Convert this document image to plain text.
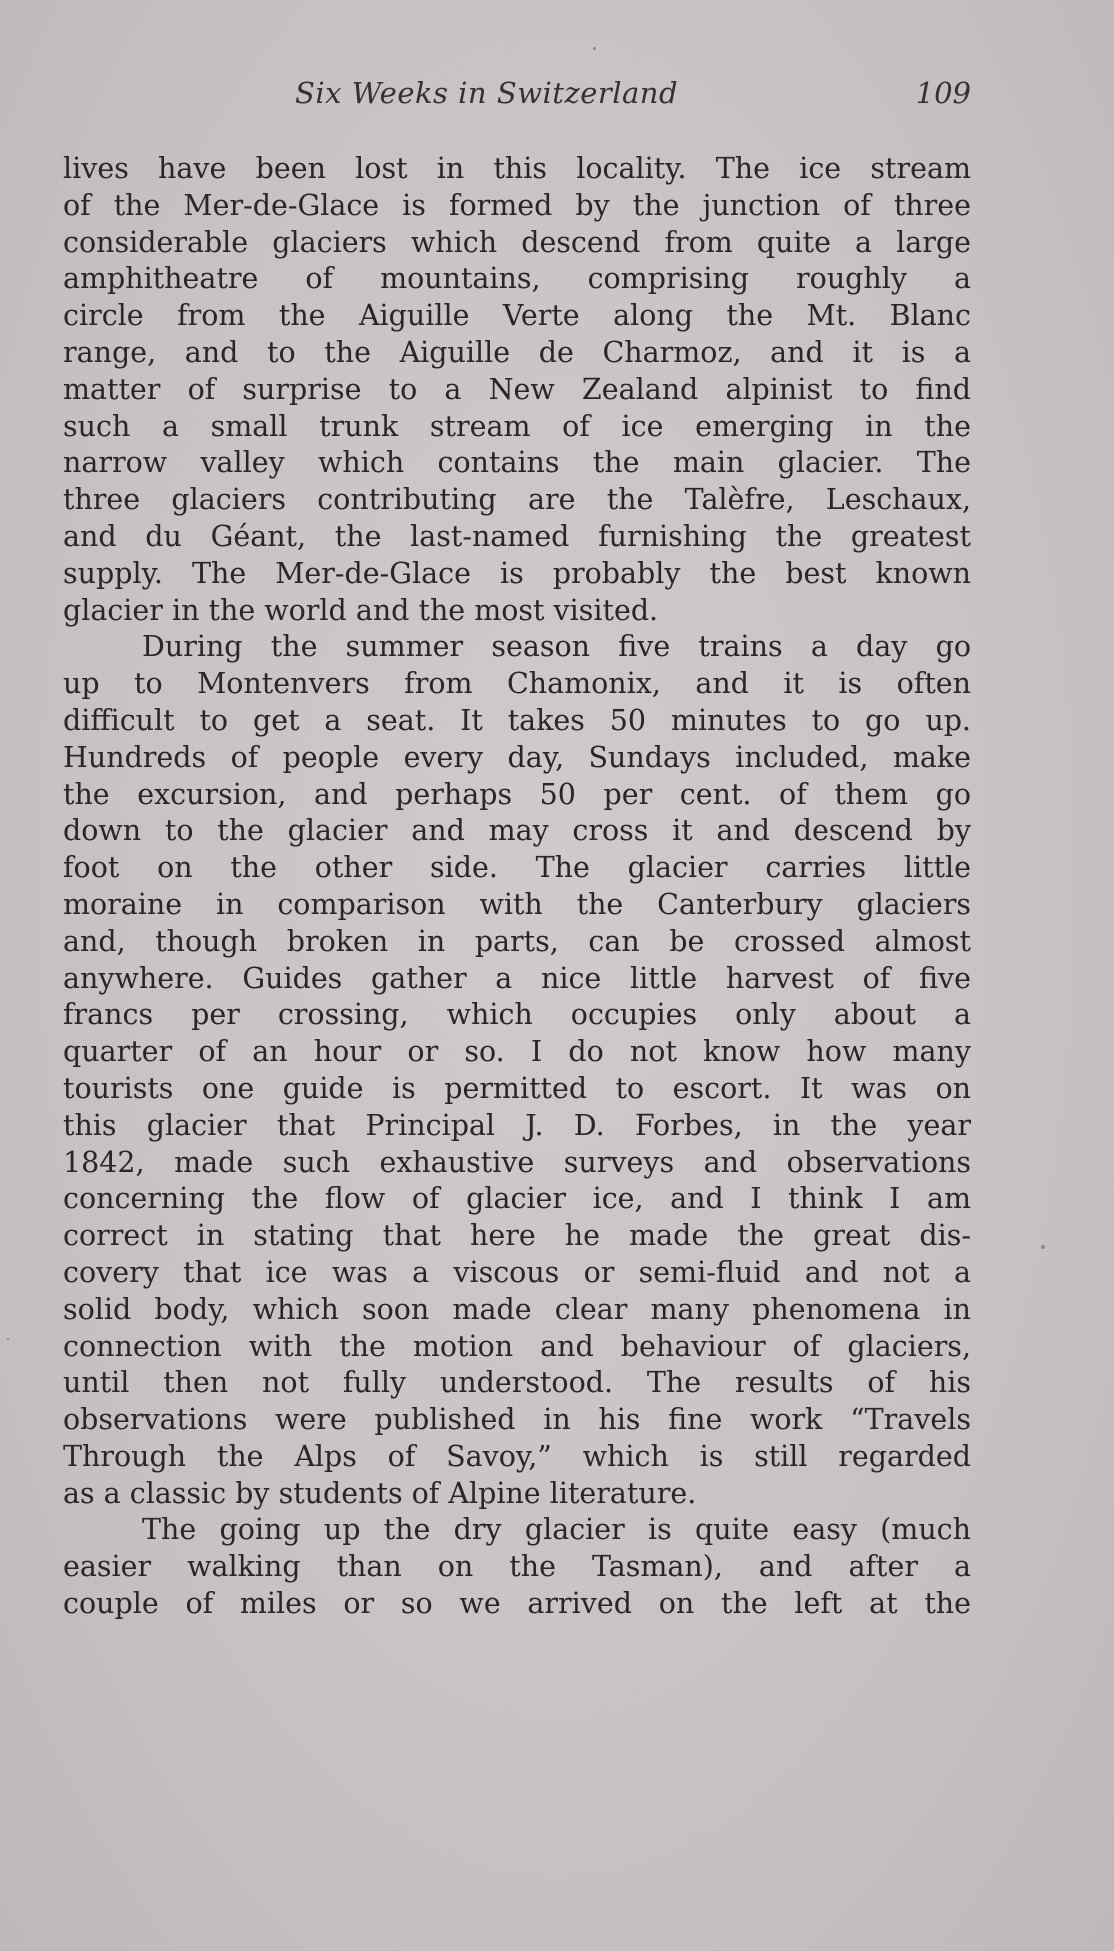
Six Weeks in Switzerland	109
lives have been lost in this locality. The ice stream
of the Mer-de-Glace is formed by the junction of three
considerable glaciers which descend from quite a large
amphitheatre of mountains, comprising roughly a
circle from the Aiguille Verte along the Mt. Blanc
range, and to the Aiguille de Charmoz, and it is a
matter of surprise to a New Zealand alpinist to find
such a small trunk stream of ice emerging in the
narrow valley which contains the main glacier. The
three glaciers contributing are the Talèfre, Leschaux,
and du Géant, the last-named furnishing the greatest
supply. The Mer-de-Glace is probably the best known
glacier in the world and the most visited.
During the summer season five trains a day go
up to Montenvers from Chamonix, and it is often
difficult to get a seat. It takes 50 minutes to go up.
Hundreds of people every day, Sundays included, make
the excursion, and perhaps 50 per cent. of them go
down to the glacier and may cross it and descend by
foot on the other side. The glacier carries little
moraine in comparison with the Canterbury glaciers
and, though broken in parts, can be crossed almost
anywhere. Guides gather a nice little harvest of five
francs per crossing, which occupies only about a
quarter of an hour or so. I do not know how many
tourists one guide is permitted to escort. It was on
this glacier that Principal J. D. Forbes, in the year
1842, made such exhaustive surveys and observations
concerning the flow of glacier ice, and I think I am
correct in stating that here he made the great dis-
covery that ice was a viscous or semi-fluid and not a
solid body, which soon made clear many phenomena in
connection with the motion and behaviour of glaciers,
until then not fully understood. The results of his
observations were published in his fine work “Travels
Through the Alps of Savoy,” which is still regarded
as a classic by students of Alpine literature.
The going up the dry glacier is quite easy (much
easier walking than on the Tasman), and after a
couple of miles or so we arrived on the left at the
